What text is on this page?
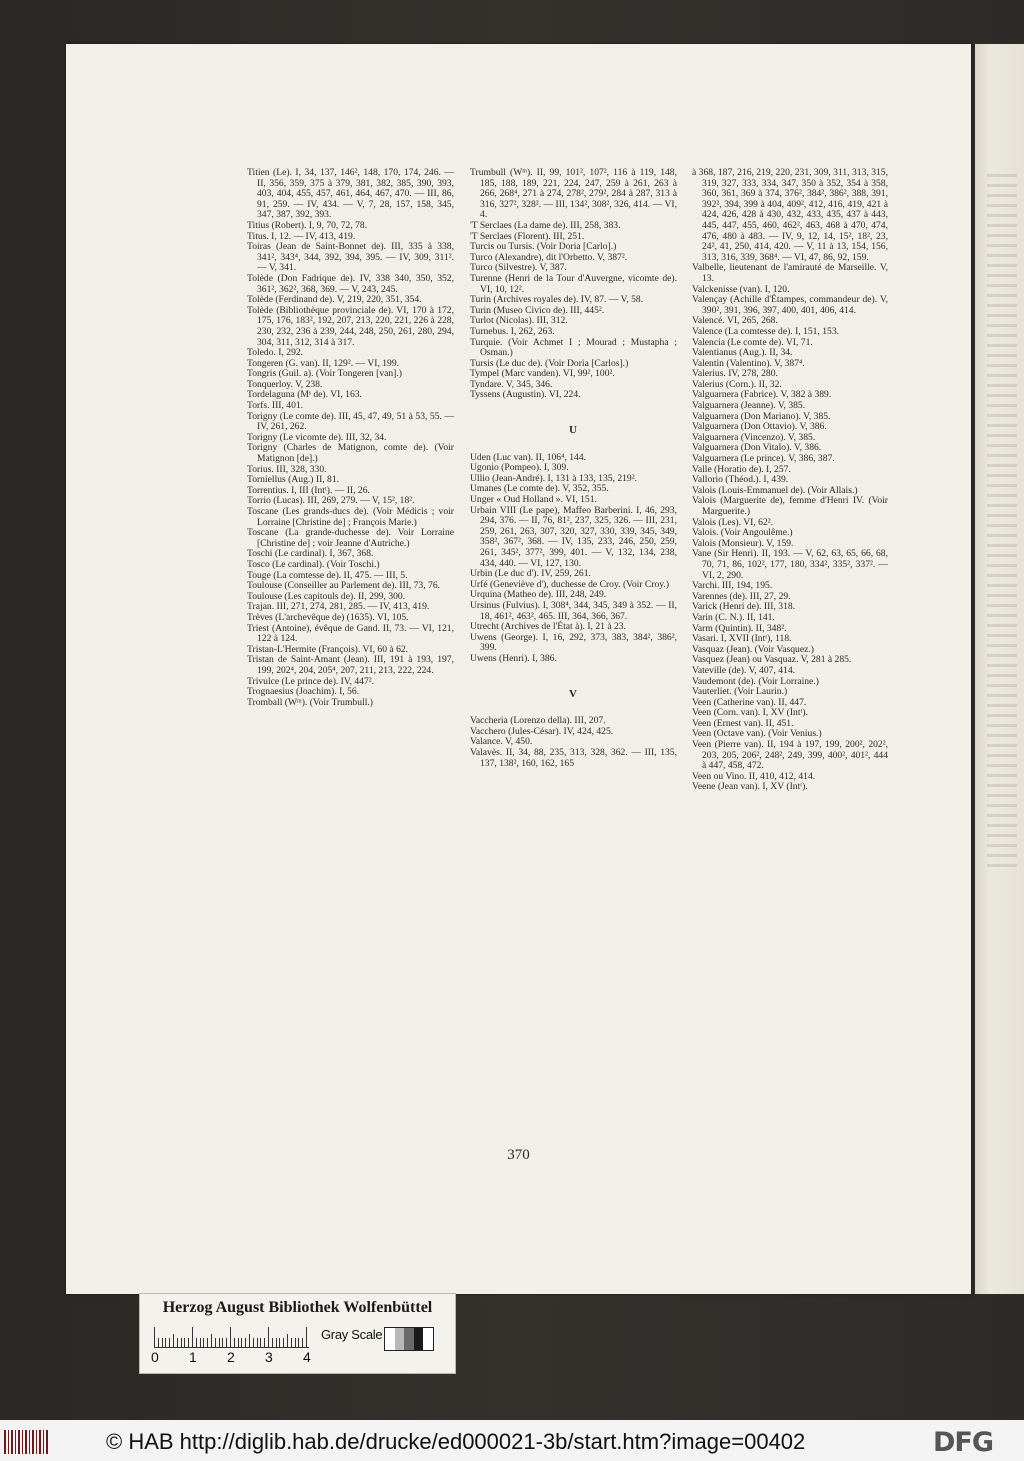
370

Titien (Le). I, 34, 137, 146², 148, 170, 174, 246. — II, 356, 359, 375 à 379, 381, 382, 385, 390, 393, 403, 404, 455, 457, 461, 464, 467, 470. — III, 86, 91, 259. — IV, 434. — V, 7, 28, 157, 158, 345, 347, 387, 392, 393.

Titius (Robert). I, 9, 70, 72, 78.

Titus. I, 12. — IV, 413, 419.

Toiras (Jean de Saint-Bonnet de). III, 335 à 338, 341², 343⁴, 344, 392, 394, 395. — IV, 309, 311². — V, 341.

Tolède (Don Fadrique de). IV, 338 340, 350, 352, 361², 362², 368, 369. — V, 243, 245.

Tolède (Ferdinand de). V, 219, 220, 351, 354.

Tolède (Bibliothèque provinciale de). VI, 170 à 172, 175, 176, 183², 192, 207, 213, 220, 221, 226 à 228, 230, 232, 236 à 239, 244, 248, 250, 261, 280, 294, 304, 311, 312, 314 à 317.

Toledo. I, 292.

Tongeren (G. van). II, 129². — VI, 199.

Tongris (Guil. a). (Voir Tongeren [van].)

Tonquerloy. V, 238.

Tordelaguna (Mˢ de). VI, 163.

Torfs. III, 401.

Torigny (Le comte de). III, 45, 47, 49, 51 à 53, 55. — IV, 261, 262.

Torigny (Le vicomte de). III, 32, 34.

Torigny (Charles de Matignon, comte de). (Voir Matignon [de].)

Torius. III, 328, 330.

Torniellus (Aug.) II, 81.

Torrentius. I, III (Intᵗ). — II, 26.

Torrio (Lucas). III, 269, 279. — V, 15², 18².

Toscane (Les grands-ducs de). (Voir Médicis ; voir Lorraine [Christine de] ; François Marie.)

Toscane (La grande-duchesse de). Voir Lorraine [Christine de] ; voir Jeanne d'Autriche.)

Toschi (Le cardinal). I, 367, 368.

Tosco (Le cardinal). (Voir Toschi.)

Touge (La comtesse de). II, 475. — III, 5.

Toulouse (Conseiller au Parlement de). III, 73, 76.

Toulouse (Les capitouls de). II, 299, 300.

Trajan. III, 271, 274, 281, 285. — IV, 413, 419.

Trèves (L'archevêque de) (1635). VI, 105.

Triest (Antoine), évêque de Gand. II, 73. — VI, 121, 122 à 124.

Tristan-L'Hermite (François). VI, 60 à 62.

Tristan de Saint-Amant (Jean). III, 191 à 193, 197, 199, 202⁴, 204, 205⁴, 207, 211, 213, 222, 224.

Trivulce (Le prince de). IV, 447².

Trognaesius (Joachim). I, 56.

Tromball (Wᵐ). (Voir Trumbull.)

Trumbull (Wᵐ). II, 99, 101², 107², 116 à 119, 148, 185, 188, 189, 221, 224, 247, 259 à 261, 263 à 266, 268⁴, 271 à 274, 278², 279², 284 à 287, 313 à 316, 327², 328². — III, 134², 308², 326, 414. — VI, 4.

'T Serclaes (La dame de). III, 258, 383.

'T Serclaes (Florent). III, 251.

Turcis ou Tursis. (Voir Doria [Carlo].)

Turco (Alexandre), dit l'Orbetto. V, 387².

Turco (Silvestre). V, 387.

Turenne (Henri de la Tour d'Auvergne, vicomte de). VI, 10, 12².

Turin (Archives royales de). IV, 87. — V, 58.

Turin (Museo Civico de). III, 445².

Turlot (Nicolas). III, 312.

Turnebus. I, 262, 263.

Turquie. (Voir Achmet I ; Mourad ; Mustapha ; Osman.)

Tursis (Le duc de). (Voir Doria [Carlos].)

Tympel (Marc vanden). VI, 99², 100².

Tyndare. V, 345, 346.

Tyssens (Augustin). VI, 224.

U

Uden (Luc van). II, 106⁴, 144.

Ugonio (Pompeo). I, 309.

Ullio (Jean-André). I, 131 à 133, 135, 219².

Umanes (Le comte de). V, 352, 355.

Unger « Oud Holland ». VI, 151.

Urbain VIII (Le pape), Maffeo Barberini. I, 46, 293, 294, 376. — II, 76, 81², 237, 325, 326. — III, 231, 259, 261, 263, 307, 320, 327, 330, 339, 345, 349, 358², 367², 368. — IV, 135, 233, 246, 250, 259, 261, 345², 377², 399, 401. — V, 132, 134, 238, 434, 440. — VI, 127, 130.

Urbin (Le duc d'). IV, 259, 261.

Urfé (Geneviève d'), duchesse de Croy. (Voir Croy.)

Urquina (Matheo de). III, 248, 249.

Ursinus (Fulvius). I, 308⁴, 344, 345, 349 à 352. — II, 18, 461², 463², 465. III, 364, 366, 367.

Utrecht (Archives de l'État à). I, 21 à 23.

Uwens (George). I, 16, 292, 373, 383, 384², 386², 399.

Uwens (Henri). I, 386.

V

Vaccheria (Lorenzo della). III, 207.

Vacchero (Jules-César). IV, 424, 425.

Valance. V, 450.

Valavès. II, 34, 88, 235, 313, 328, 362. — III, 135, 137, 138², 160, 162, 165

à 368, 187, 216, 219, 220, 231, 309, 311, 313, 315, 319, 327, 333, 334, 347, 350 à 352, 354 à 358, 360, 361, 369 à 374, 376², 384², 386², 388, 391, 392², 394, 399 à 404, 409², 412, 416, 419, 421 à 424, 426, 428 à 430, 432, 433, 435, 437 à 443, 445, 447, 455, 460, 462², 463, 468 à 470, 474, 476, 480 à 483. — IV, 9, 12, 14, 15², 18², 23, 24², 41, 250, 414, 420. — V, 11 à 13, 154, 156, 313, 316, 339, 368⁴. — VI, 47, 86, 92, 159.

Valbelle, lieutenant de l'amirauté de Marseille. V, 13.

Valckenisse (van). I, 120.

Valençay (Achille d'Étampes, commandeur de). V, 390², 391, 396, 397, 400, 401, 406, 414.

Valencé. VI, 265, 268.

Valence (La comtesse de). I, 151, 153.

Valencia (Le comte de). VI, 71.

Valentianus (Aug.). II, 34.

Valentin (Valentino). V, 387⁴.

Valerius. IV, 278, 280.

Valerius (Corn.). II, 32.

Valguarnera (Fabrice). V, 382 à 389.

Valguarnera (Jeanne). V, 385.

Valguarnera (Don Mariano). V, 385.

Valguarnera (Don Ottavio). V, 386.

Valguarnera (Vincenzo). V, 385.

Valguarnera (Don Vitalo). V, 386.

Valguarnera (Le prince). V, 386, 387.

Valle (Horatio de). I, 257.

Vallorio (Théod.). I, 439.

Valois (Louis-Emmanuel de). (Voir Allais.)

Valois (Marguerite de), femme d'Henri IV. (Voir Marguerite.)

Valois (Les). VI, 62².

Valois. (Voir Angoulême.)

Valois (Monsieur). V, 159.

Vane (Sir Henri). II, 193. — V, 62, 63, 65, 66, 68, 70, 71, 86, 102², 177, 180, 334², 335², 337². — VI, 2, 290.

Varchi. III, 194, 195.

Varennes (de). III, 27, 29.

Varick (Henri de). III, 318.

Varin (C. N.). II, 141.

Varm (Quintin). II, 348².

Vasari. I, XVII (Intᵗ), 118.

Vasquaz (Jean). (Voir Vasquez.)

Vasquez (Jean) ou Vasquaz. V, 281 à 285.

Vateville (de). V, 407, 414.

Vaudemont (de). (Voir Lorraine.)

Vauterliet. (Voir Laurin.)

Veen (Catherine van). II, 447.

Veen (Corn. van). I, XV (Intᵗ).

Veen (Ernest van). II, 451.

Veen (Octave van). (Voir Venius.)

Veen (Pierre van). II, 194 à 197, 199, 200², 202², 203, 205, 206², 248², 249, 399, 400², 401², 444 à 447, 458, 472.

Veen ou Vino. II, 410, 412, 414.

Veene (Jean van). I, XV (Intᵗ).

Herzog August Bibliothek Wolfenbüttel
0 1 2 3 4
Gray Scale
© HAB http://diglib.hab.de/drucke/ed000021-3b/start.htm?image=00402	DFG
